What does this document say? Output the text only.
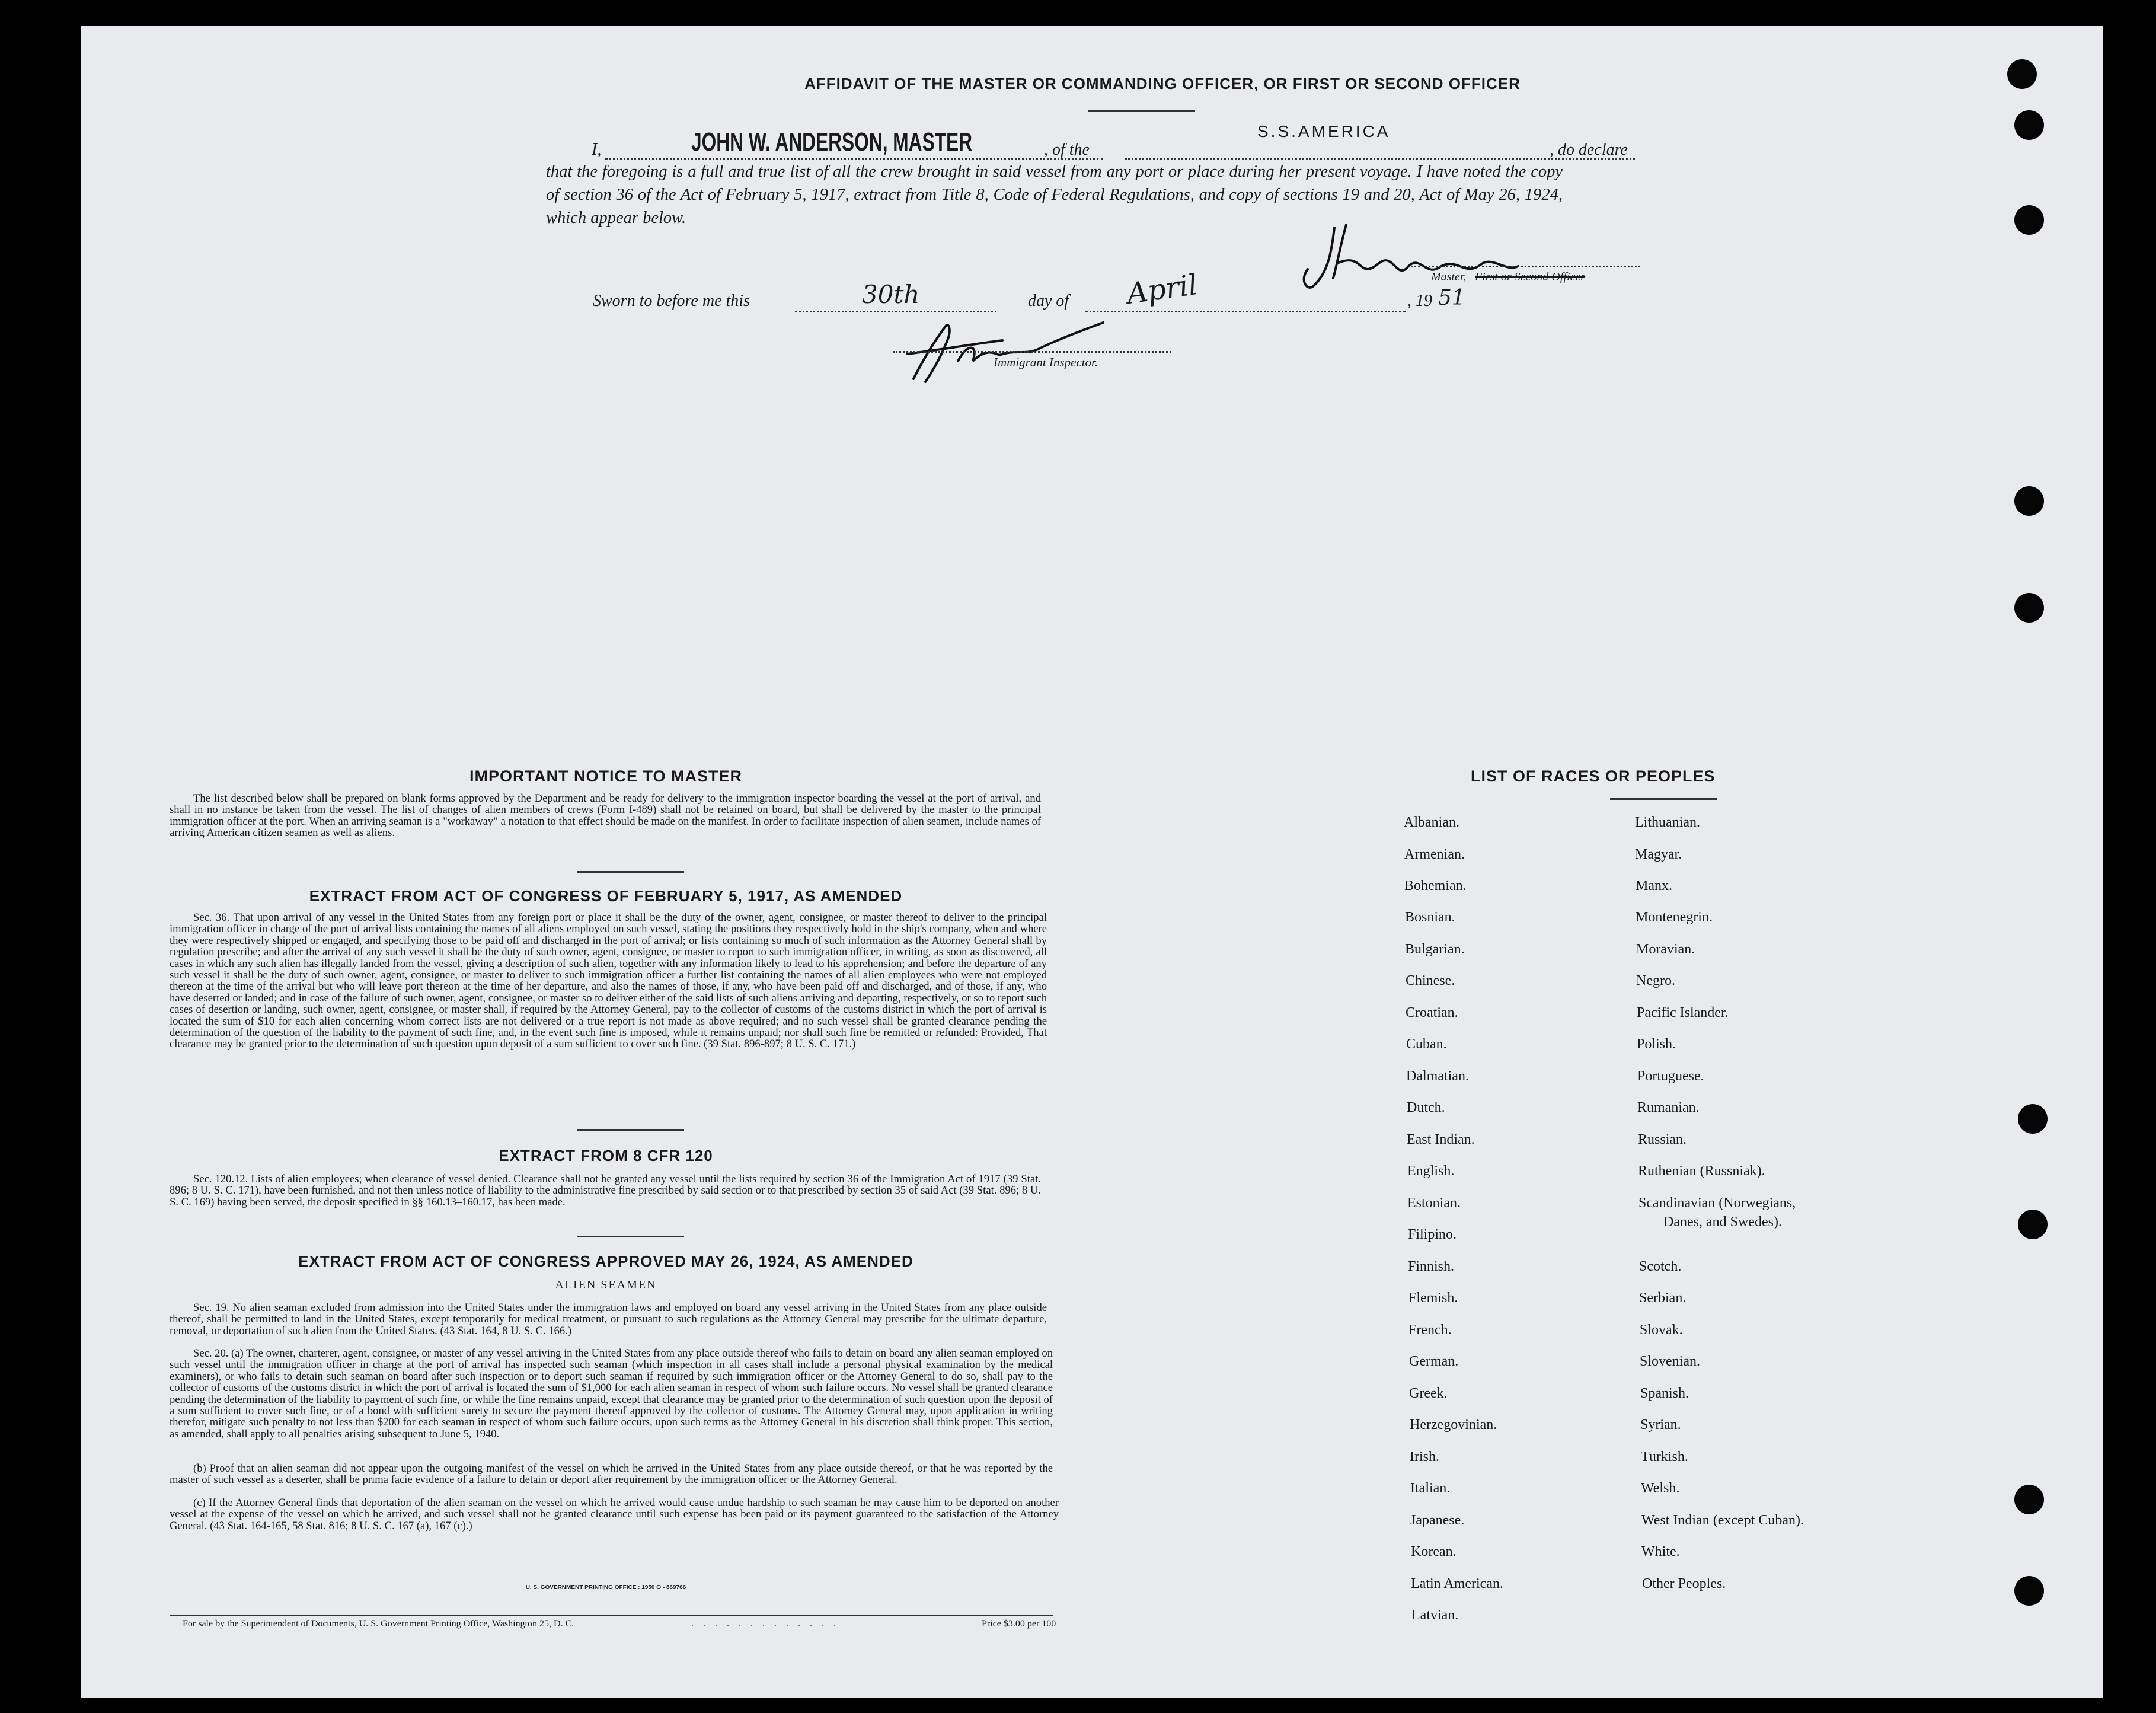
AFFIDAVIT OF THE MASTER OR COMMANDING OFFICER, OR FIRST OR SECOND OFFICER
I,	JOHN W. ANDERSON, MASTER	, of the
S.S.AMERICA
, do declare

that the foregoing is a full and true list of all the crew brought in said vessel from any port or place during her present voyage. I have noted the copy of section 36 of the Act of February 5, 1917, extract from Title 8, Code of Federal Regulations, and copy of sections 19 and 20, Act of May 26, 1924, which appear below.

Master, First or Second Officer
Sworn to before me this	30th	day of April	, 19 51
Immigrant Inspector.
IMPORTANT NOTICE TO MASTER

The list described below shall be prepared on blank forms approved by the Department and be ready for delivery to the immigration inspector boarding the vessel at the port of arrival, and shall in no instance be taken from the vessel. The list of changes of alien members of crews (Form I-489) shall not be retained on board, but shall be delivered by the master to the principal immigration officer at the port. When an arriving seaman is a "workaway" a notation to that effect should be made on the manifest. In order to facilitate inspection of alien seamen, include names of arriving American citizen seamen as well as aliens.

EXTRACT FROM ACT OF CONGRESS OF FEBRUARY 5, 1917, AS AMENDED

Sec. 36. That upon arrival of any vessel in the United States from any foreign port or place it shall be the duty of the owner, agent, consignee, or master thereof to deliver to the principal immigration officer in charge of the port of arrival lists containing the names of all aliens employed on such vessel, stating the positions they respectively hold in the ship's company, when and where they were respectively shipped or engaged, and specifying those to be paid off and discharged in the port of arrival; or lists containing so much of such information as the Attorney General shall by regulation prescribe; and after the arrival of any such vessel it shall be the duty of such owner, agent, consignee, or master to report to such immigration officer, in writing, as soon as discovered, all cases in which any such alien has illegally landed from the vessel, giving a description of such alien, together with any information likely to lead to his apprehension; and before the departure of any such vessel it shall be the duty of such owner, agent, consignee, or master to deliver to such immigration officer a further list containing the names of all alien employees who were not employed thereon at the time of the arrival but who will leave port thereon at the time of her departure, and also the names of those, if any, who have been paid off and discharged, and of those, if any, who have deserted or landed; and in case of the failure of such owner, agent, consignee, or master so to deliver either of the said lists of such aliens arriving and departing, respectively, or so to report such cases of desertion or landing, such owner, agent, consignee, or master shall, if required by the Attorney General, pay to the collector of customs of the customs district in which the port of arrival is located the sum of $10 for each alien concerning whom correct lists are not delivered or a true report is not made as above required; and no such vessel shall be granted clearance pending the determination of the question of the liability to the payment of such fine, and, in the event such fine is imposed, while it remains unpaid; nor shall such fine be remitted or refunded: Provided, That clearance may be granted prior to the determination of such question upon deposit of a sum sufficient to cover such fine. (39 Stat. 896-897; 8 U. S. C. 171.)

EXTRACT FROM 8 CFR 120

Sec. 120.12. Lists of alien employees; when clearance of vessel denied. Clearance shall not be granted any vessel until the lists required by section 36 of the Immigration Act of 1917 (39 Stat. 896; 8 U. S. C. 171), have been furnished, and not then unless notice of liability to the administrative fine prescribed by said section or to that prescribed by section 35 of said Act (39 Stat. 896; 8 U. S. C. 169) having been served, the deposit specified in §§ 160.13–160.17, has been made.

EXTRACT FROM ACT OF CONGRESS APPROVED MAY 26, 1924, AS AMENDED
ALIEN SEAMEN

Sec. 19. No alien seaman excluded from admission into the United States under the immigration laws and employed on board any vessel arriving in the United States from any place outside thereof, shall be permitted to land in the United States, except temporarily for medical treatment, or pursuant to such regulations as the Attorney General may prescribe for the ultimate departure, removal, or deportation of such alien from the United States. (43 Stat. 164, 8 U. S. C. 166.)

Sec. 20. (a) The owner, charterer, agent, consignee, or master of any vessel arriving in the United States from any place outside thereof who fails to detain on board any alien seaman employed on such vessel until the immigration officer in charge at the port of arrival has inspected such seaman (which inspection in all cases shall include a personal physical examination by the medical examiners), or who fails to detain such seaman on board after such inspection or to deport such seaman if required by such immigration officer or the Attorney General to do so, shall pay to the collector of customs of the customs district in which the port of arrival is located the sum of $1,000 for each alien seaman in respect of whom such failure occurs. No vessel shall be granted clearance pending the determination of the liability to payment of such fine, or while the fine remains unpaid, except that clearance may be granted prior to the determination of such question upon the deposit of a sum sufficient to cover such fine, or of a bond with sufficient surety to secure the payment thereof approved by the collector of customs. The Attorney General may, upon application in writing therefor, mitigate such penalty to not less than $200 for each seaman in respect of whom such failure occurs, upon such terms as the Attorney General in his discretion shall think proper. This section, as amended, shall apply to all penalties arising subsequent to June 5, 1940.

(b) Proof that an alien seaman did not appear upon the outgoing manifest of the vessel on which he arrived in the United States from any place outside thereof, or that he was reported by the master of such vessel as a deserter, shall be prima facie evidence of a failure to detain or deport after requirement by the immigration officer or the Attorney General.

(c) If the Attorney General finds that deportation of the alien seaman on the vessel on which he arrived would cause undue hardship to such seaman he may cause him to be deported on another vessel at the expense of the vessel on which he arrived, and such vessel shall not be granted clearance until such expense has been paid or its payment guaranteed to the satisfaction of the Attorney General. (43 Stat. 164-165, 58 Stat. 816; 8 U. S. C. 167 (a), 167 (c).)

U. S. GOVERNMENT PRINTING OFFICE : 1950 O - 869766
For sale by the Superintendent of Documents, U. S. Government Printing Office, Washington 25, D. C.	. . . . . . . . . . . . .	Price $3.00 per 100
LIST OF RACES OR PEOPLES
Albanian.
Armenian.
Bohemian.
Bosnian.
Bulgarian.
Chinese.
Croatian.
Cuban.
Dalmatian.
Dutch.
East Indian.
English.
Estonian.
Filipino.
Finnish.
Flemish.
French.
German.
Greek.
Herzegovinian.
Irish.
Italian.
Japanese.
Korean.
Latin American.
Latvian.
Lithuanian.
Magyar.
Manx.
Montenegrin.
Moravian.
Negro.
Pacific Islander.
Polish.
Portuguese.
Rumanian.
Russian.
Ruthenian (Russniak).
Scandinavian (Norwegians,
Danes, and Swedes).
Scotch.
Serbian.
Slovak.
Slovenian.
Spanish.
Syrian.
Turkish.
Welsh.
West Indian (except Cuban).
White.
Other Peoples.
